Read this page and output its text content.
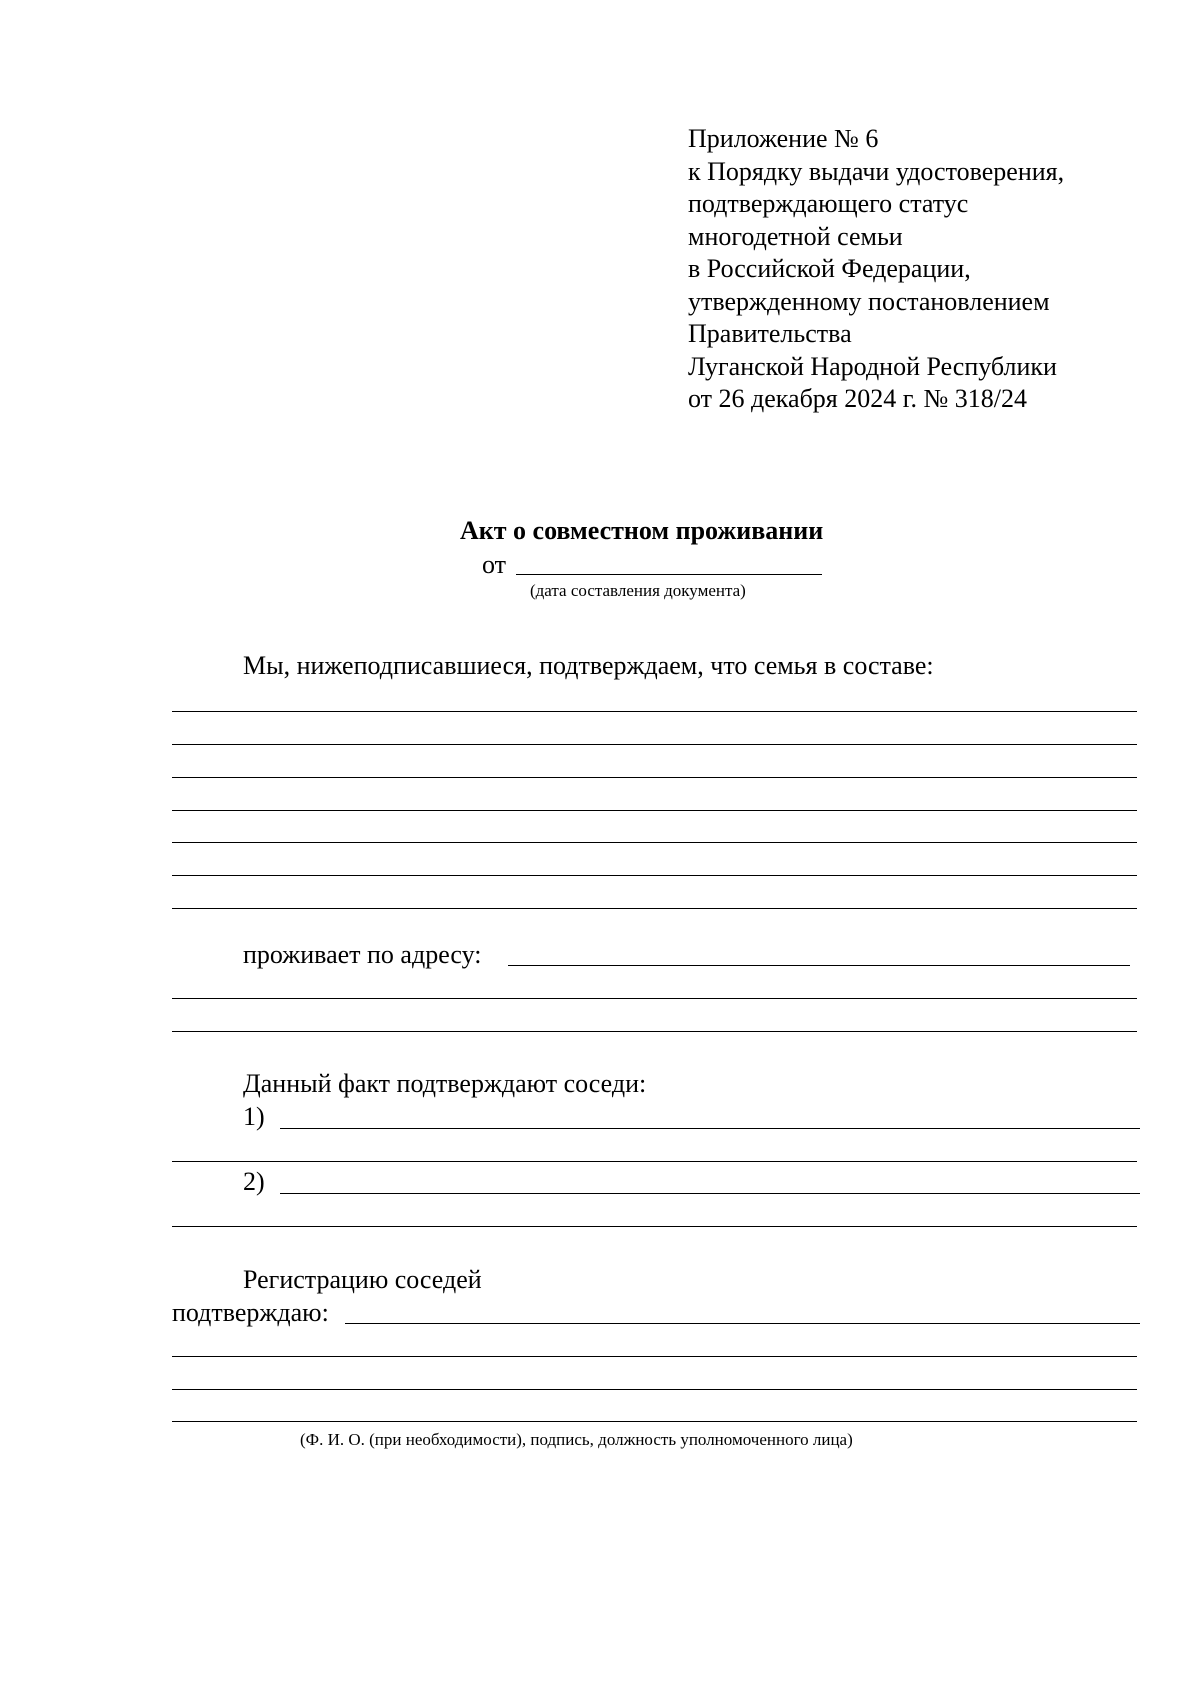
Приложение № 6
к Порядку выдачи удостоверения,
подтверждающего статус
многодетной семьи
в Российской Федерации,
утвержденному постановлением
Правительства
Луганской Народной Республики
от 26 декабря 2024 г. № 318/24
Акт о совместном проживании
от
(дата составления документа)
Мы, нижеподписавшиеся, подтверждаем, что семья в составе:
проживает по адресу:
Данный факт подтверждают соседи:
1)
2)
Регистрацию соседей
подтверждаю:
(Ф. И. О. (при необходимости), подпись, должность уполномоченного лица)
